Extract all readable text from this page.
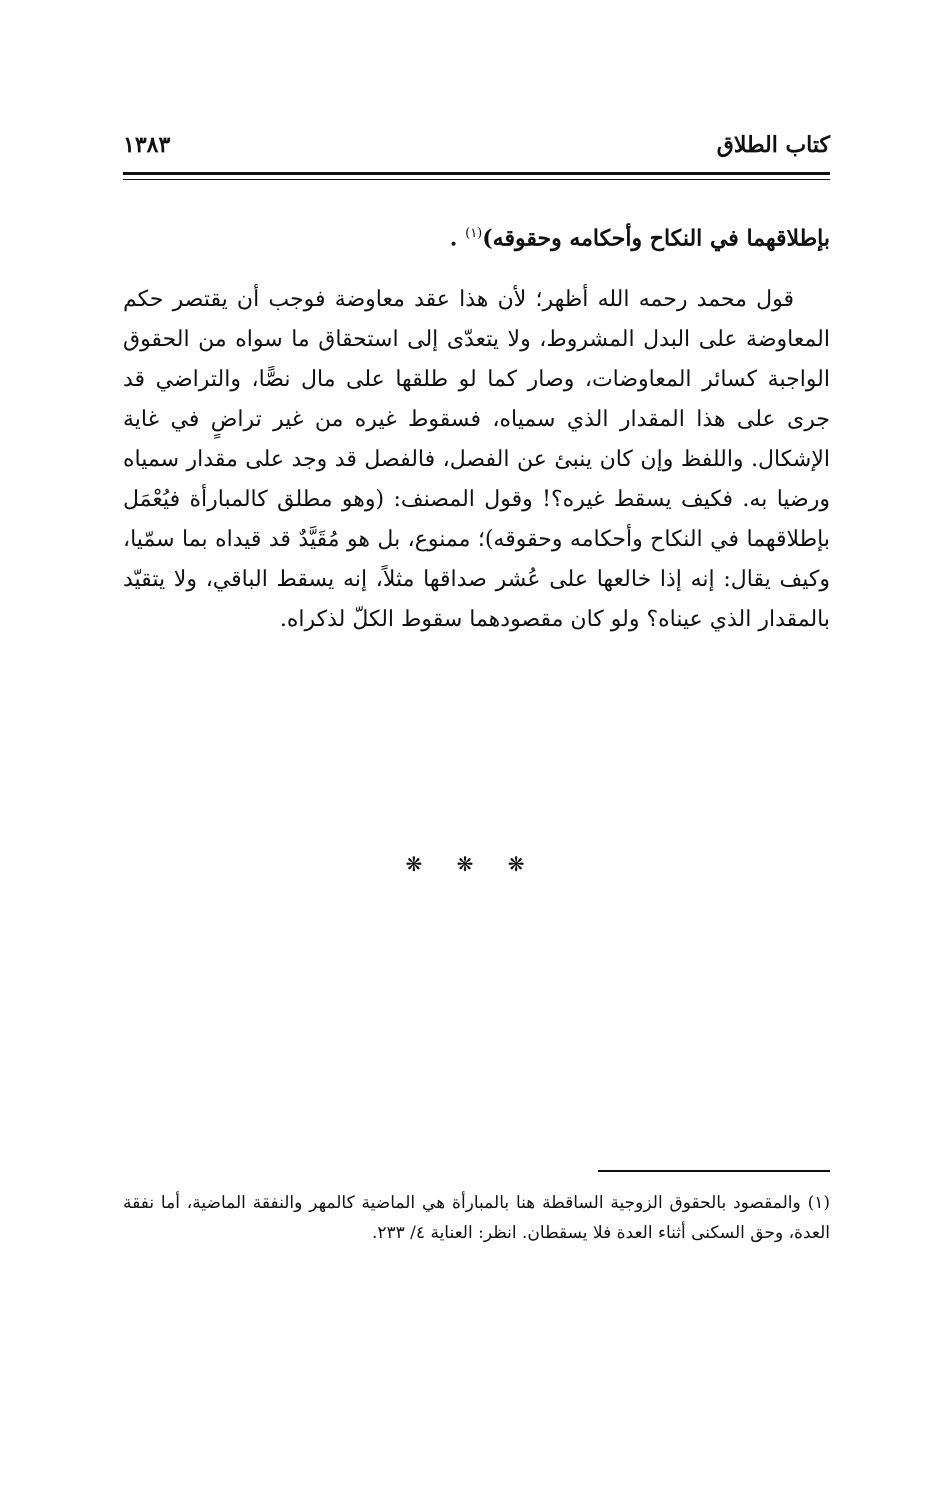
كتاب الطلاق
١٣٨٣

بإطلاقهما في النكاح وأحكامه وحقوقه)$^{(١)}$ .

قول محمد رحمه الله أظهر؛ لأن هذا عقد معاوضة فوجب أن يقتصر حكم المعاوضة على البدل المشروط، ولا يتعدّى إلى استحقاق ما سواه من الحقوق الواجبة كسائر المعاوضات، وصار كما لو طلقها على مال نصًّا، والتراضي قد جرى على هذا المقدار الذي سمياه، فسقوط غيره من غير تراضٍ في غاية الإشكال. واللفظ وإن كان ينبئ عن الفصل، فالفصل قد وجد على مقدار سمياه ورضيا به. فكيف يسقط غيره؟! وقول المصنف: (وهو مطلق كالمبارأة فيُعْمَل بإطلاقهما في النكاح وأحكامه وحقوقه)؛ ممنوع، بل هو مُقَيَّدٌ قد قيداه بما سمّيا، وكيف يقال: إنه إذا خالعها على عُشر صداقها مثلاً، إنه يسقط الباقي، ولا يتقيّد بالمقدار الذي عيناه؟ ولو كان مقصودهما سقوط الكلّ لذكراه.

❋ ❋ ❋

(١) والمقصود بالحقوق الزوجية الساقطة هنا بالمبارأة هي الماضية كالمهر والنفقة الماضية، أما نفقة العدة، وحق السكنى أثناء العدة فلا يسقطان. انظر: العناية ٤/ ٢٣٣.
